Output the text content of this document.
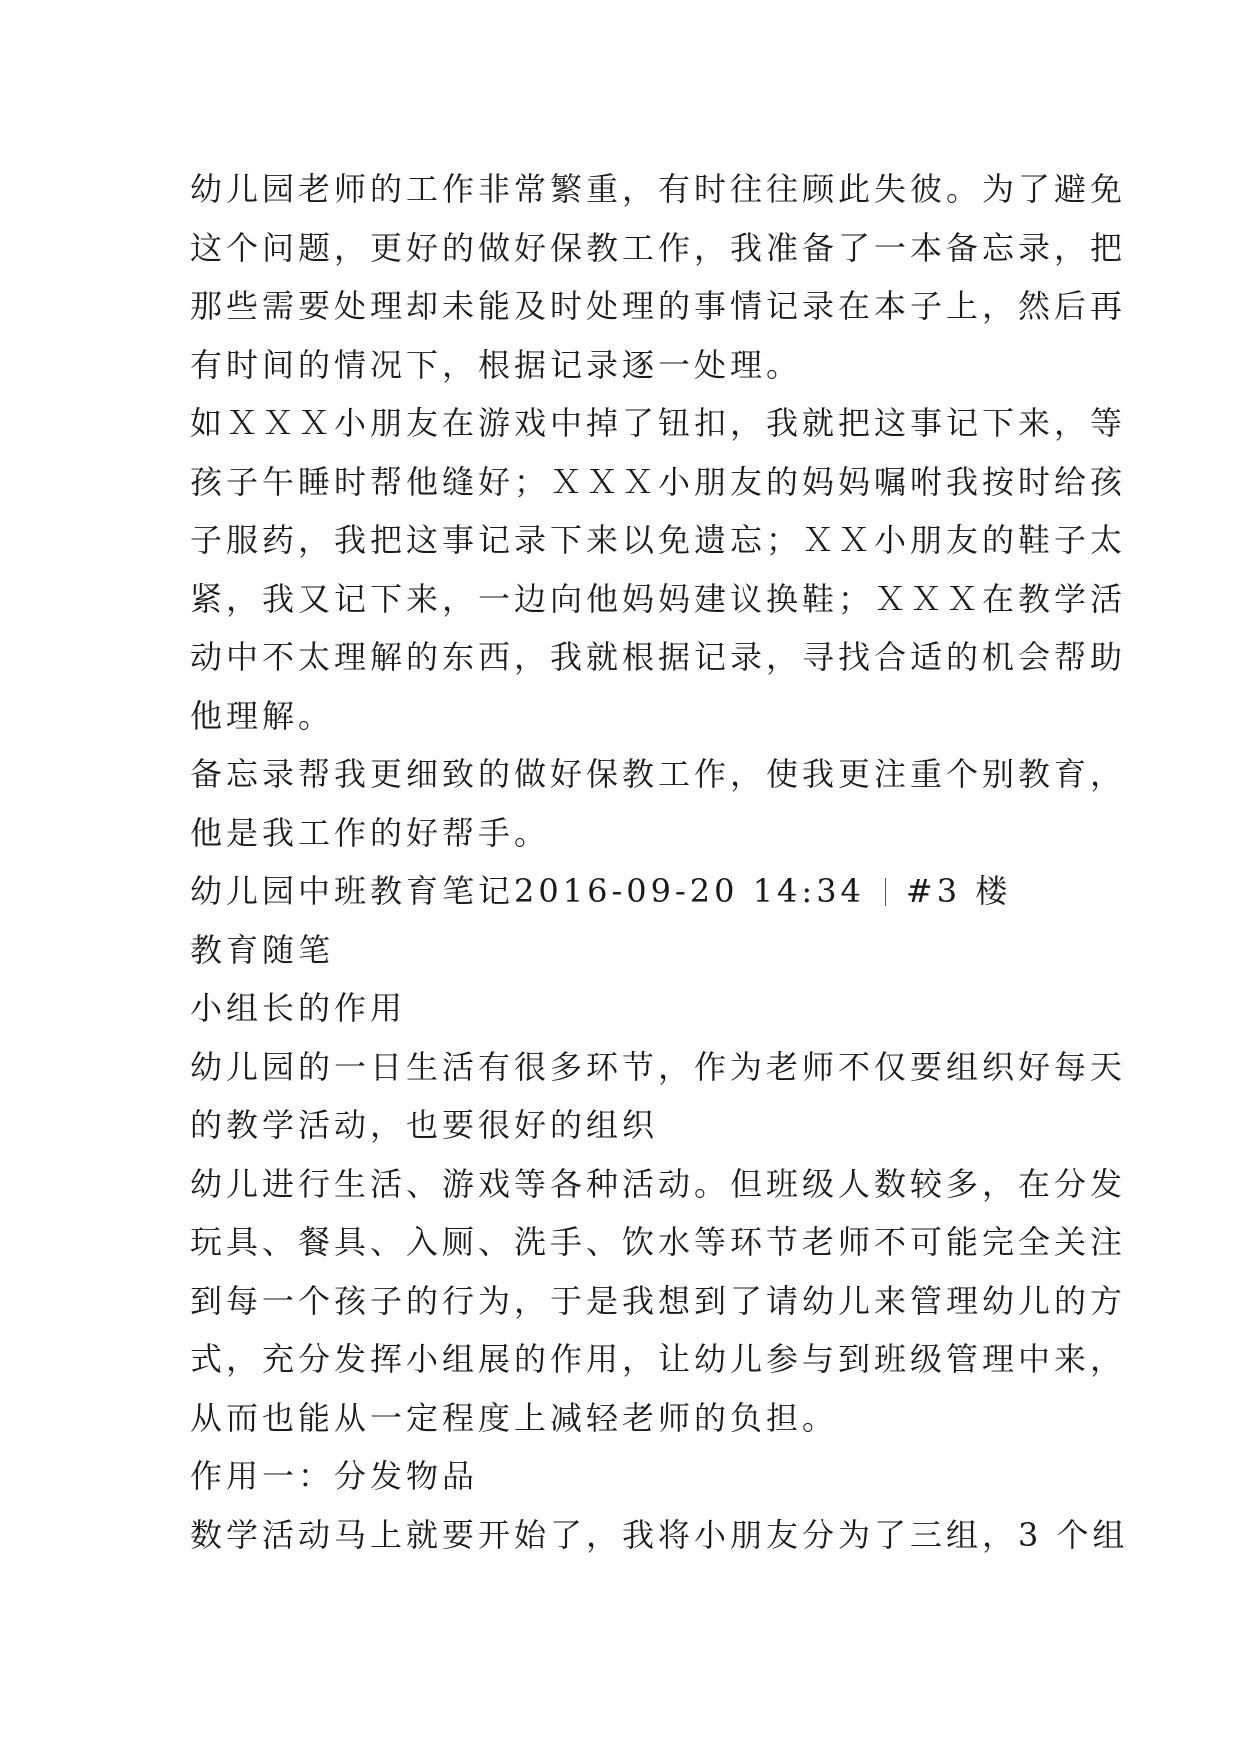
幼儿园老师的工作非常繁重，有时往往顾此失彼。为了避免
这个问题，更好的做好保教工作，我准备了一本备忘录，把
那些需要处理却未能及时处理的事情记录在本子上，然后再
有时间的情况下，根据记录逐一处理。
如ＸＸＸ小朋友在游戏中掉了钮扣，我就把这事记下来，等
孩子午睡时帮他缝好；ＸＸＸ小朋友的妈妈嘱咐我按时给孩
子服药，我把这事记录下来以免遗忘；ＸＸ小朋友的鞋子太
紧，我又记下来，一边向他妈妈建议换鞋；ＸＸＸ在教学活
动中不太理解的东西，我就根据记录，寻找合适的机会帮助
他理解。
备忘录帮我更细致的做好保教工作，使我更注重个别教育，
他是我工作的好帮手。
幼儿园中班教育笔记2016-09-20 14:34 #3 楼
教育随笔
小组长的作用
幼儿园的一日生活有很多环节，作为老师不仅要组织好每天
的教学活动，也要很好的组织
幼儿进行生活、游戏等各种活动。但班级人数较多，在分发
玩具、餐具、入厕、洗手、饮水等环节老师不可能完全关注
到每一个孩子的行为，于是我想到了请幼儿来管理幼儿的方
式，充分发挥小组展的作用，让幼儿参与到班级管理中来，
从而也能从一定程度上减轻老师的负担。
作用一：分发物品
数学活动马上就要开始了，我将小朋友分为了三组，3 个组
